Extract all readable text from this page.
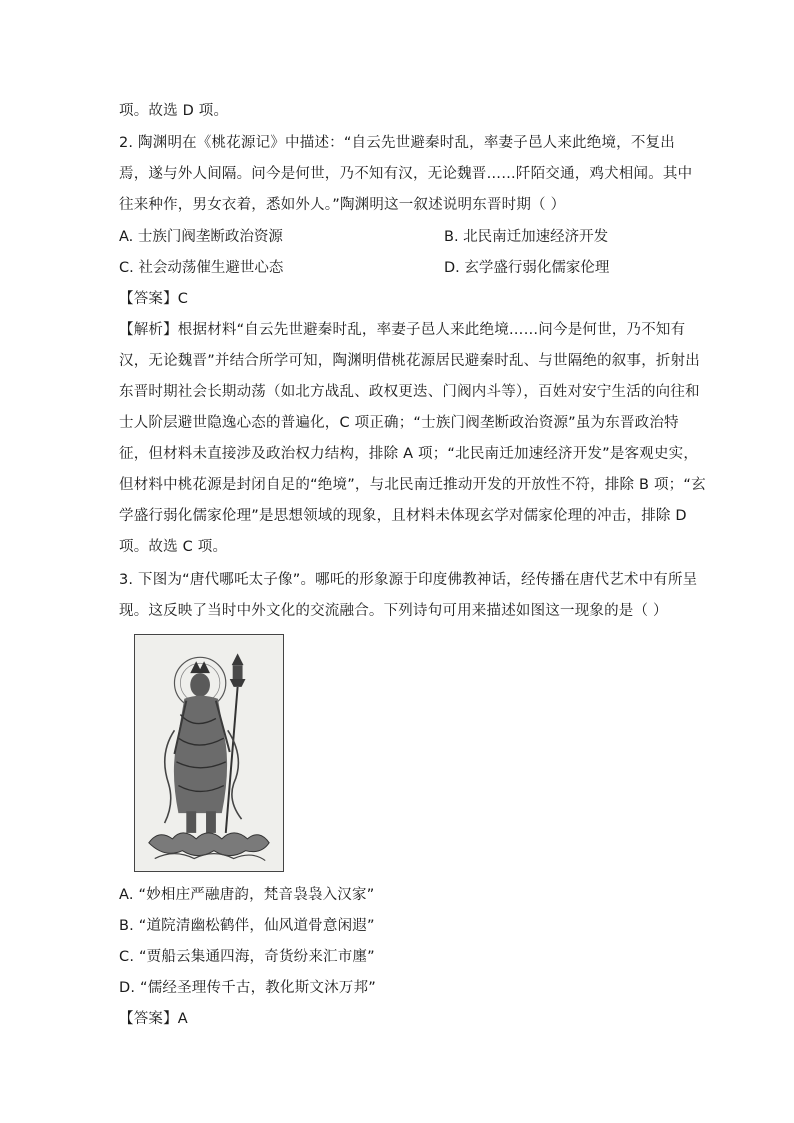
项。故选 D 项。
2. 陶渊明在《桃花源记》中描述：“自云先世避秦时乱，率妻子邑人来此绝境，不复出
焉，遂与外人间隔。问今是何世，乃不知有汉，无论魏晋……阡陌交通，鸡犬相闻。其中
往来种作，男女衣着，悉如外人。”陶渊明这一叙述说明东晋时期（ ）
A. 士族门阀垄断政治资源	B. 北民南迁加速经济开发
C. 社会动荡催生避世心态	D. 玄学盛行弱化儒家伦理
【答案】C
【解析】根据材料“自云先世避秦时乱，率妻子邑人来此绝境……问今是何世，乃不知有
汉，无论魏晋”并结合所学可知，陶渊明借桃花源居民避秦时乱、与世隔绝的叙事，折射出
东晋时期社会长期动荡（如北方战乱、政权更迭、门阀内斗等），百姓对安宁生活的向往和
士人阶层避世隐逸心态的普遍化，C 项正确；“士族门阀垄断政治资源”虽为东晋政治特
征，但材料未直接涉及政治权力结构，排除 A 项；“北民南迁加速经济开发”是客观史实，
但材料中桃花源是封闭自足的“绝境”，与北民南迁推动开发的开放性不符，排除 B 项；“玄
学盛行弱化儒家伦理”是思想领域的现象，且材料未体现玄学对儒家伦理的冲击，排除 D
项。故选 C 项。
3. 下图为“唐代哪吒太子像”。哪吒的形象源于印度佛教神话，经传播在唐代艺术中有所呈
现。这反映了当时中外文化的交流融合。下列诗句可用来描述如图这一现象的是（ ）
A. “妙相庄严融唐韵，梵音袅袅入汉家”
B. “道院清幽松鹤伴，仙风道骨意闲遐”
C. “贾船云集通四海，奇货纷来汇市廛”
D. “儒经圣理传千古，教化斯文沐万邦”
【答案】A
